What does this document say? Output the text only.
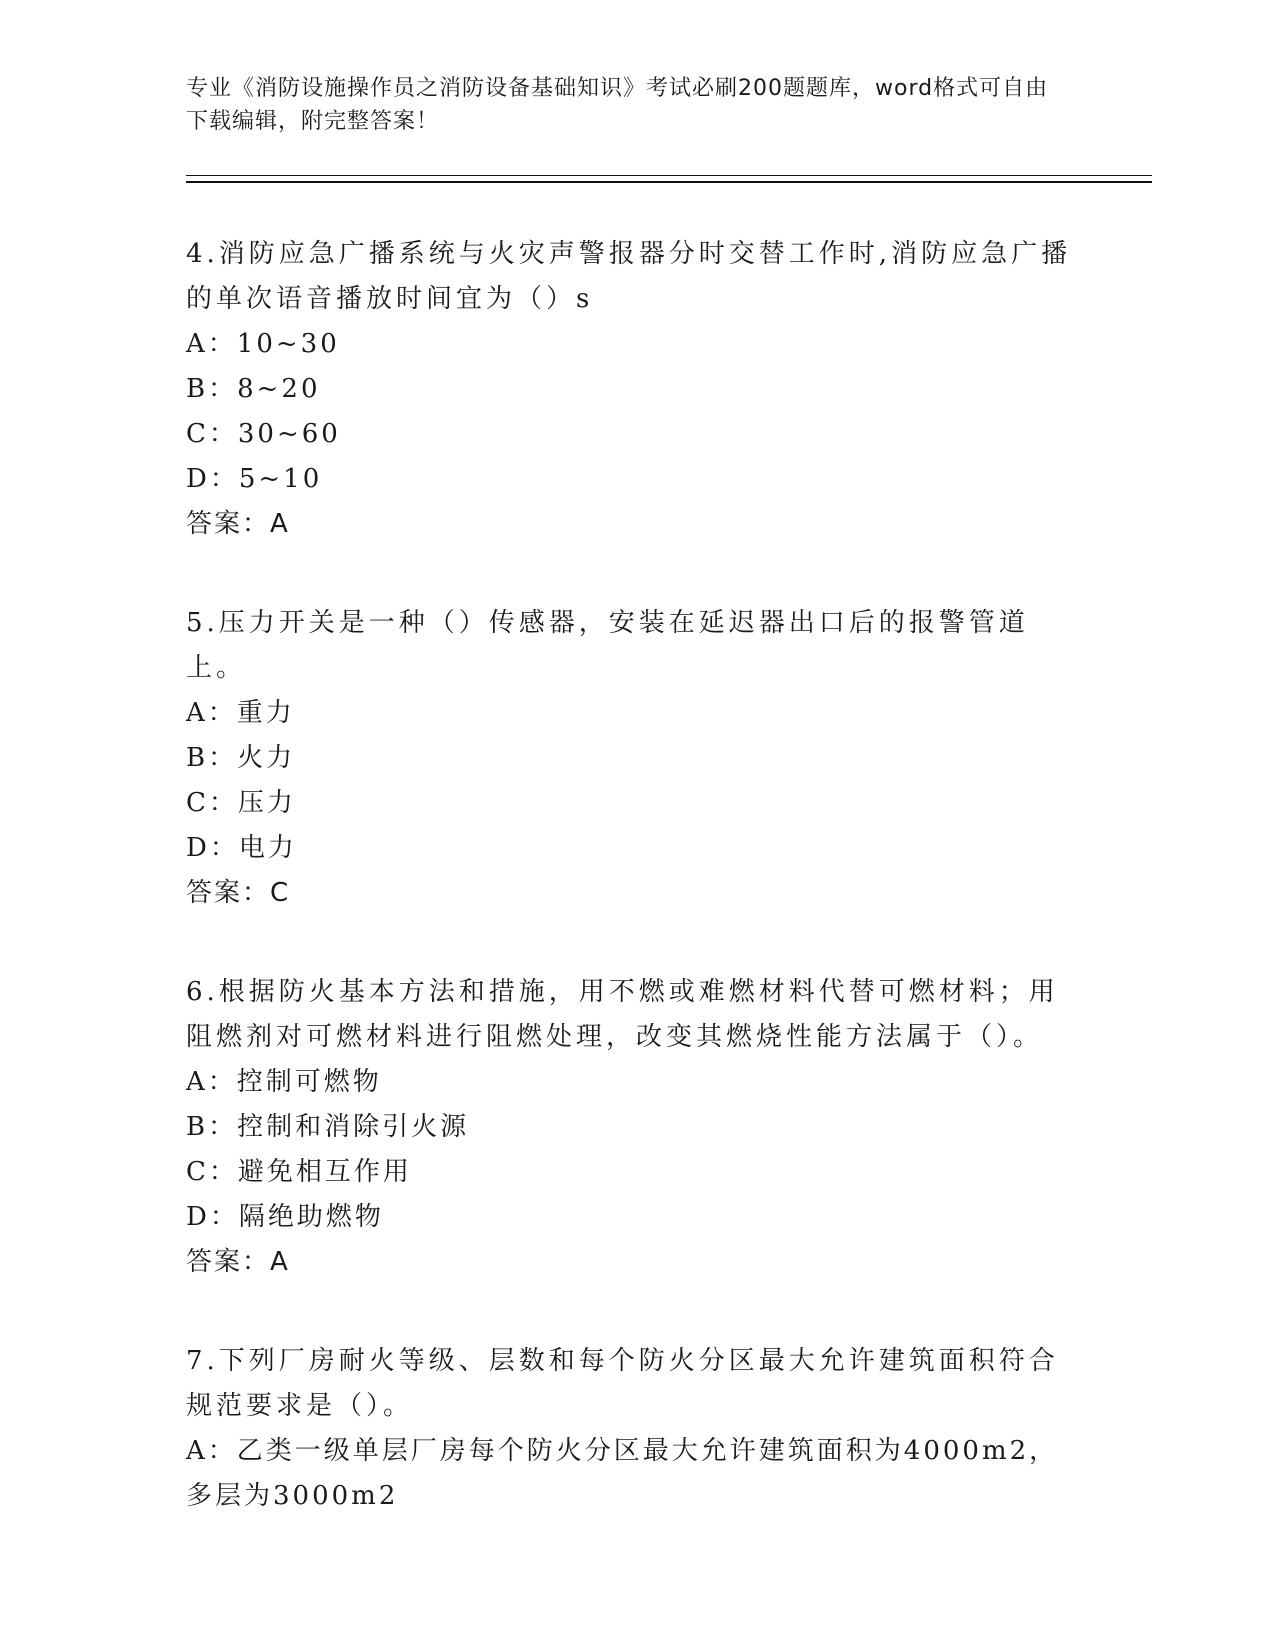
专业《消防设施操作员之消防设备基础知识》考试必刷200题题库，word格式可自由下载编辑，附完整答案！

4.消防应急广播系统与火灾声警报器分时交替工作时,消防应急广播的单次语音播放时间宜为（）s

A：10~30

B：8~20

C：30~60

D：5~10

答案：A

5.压力开关是一种（）传感器，安装在延迟器出口后的报警管道上。

A：重力

B：火力

C：压力

D：电力

答案：C

6.根据防火基本方法和措施，用不燃或难燃材料代替可燃材料；用阻燃剂对可燃材料进行阻燃处理，改变其燃烧性能方法属于（）。

A：控制可燃物

B：控制和消除引火源

C：避免相互作用

D：隔绝助燃物

答案：A

7.下列厂房耐火等级、层数和每个防火分区最大允许建筑面积符合规范要求是（）。

A：乙类一级单层厂房每个防火分区最大允许建筑面积为4000m2，多层为3000m2
